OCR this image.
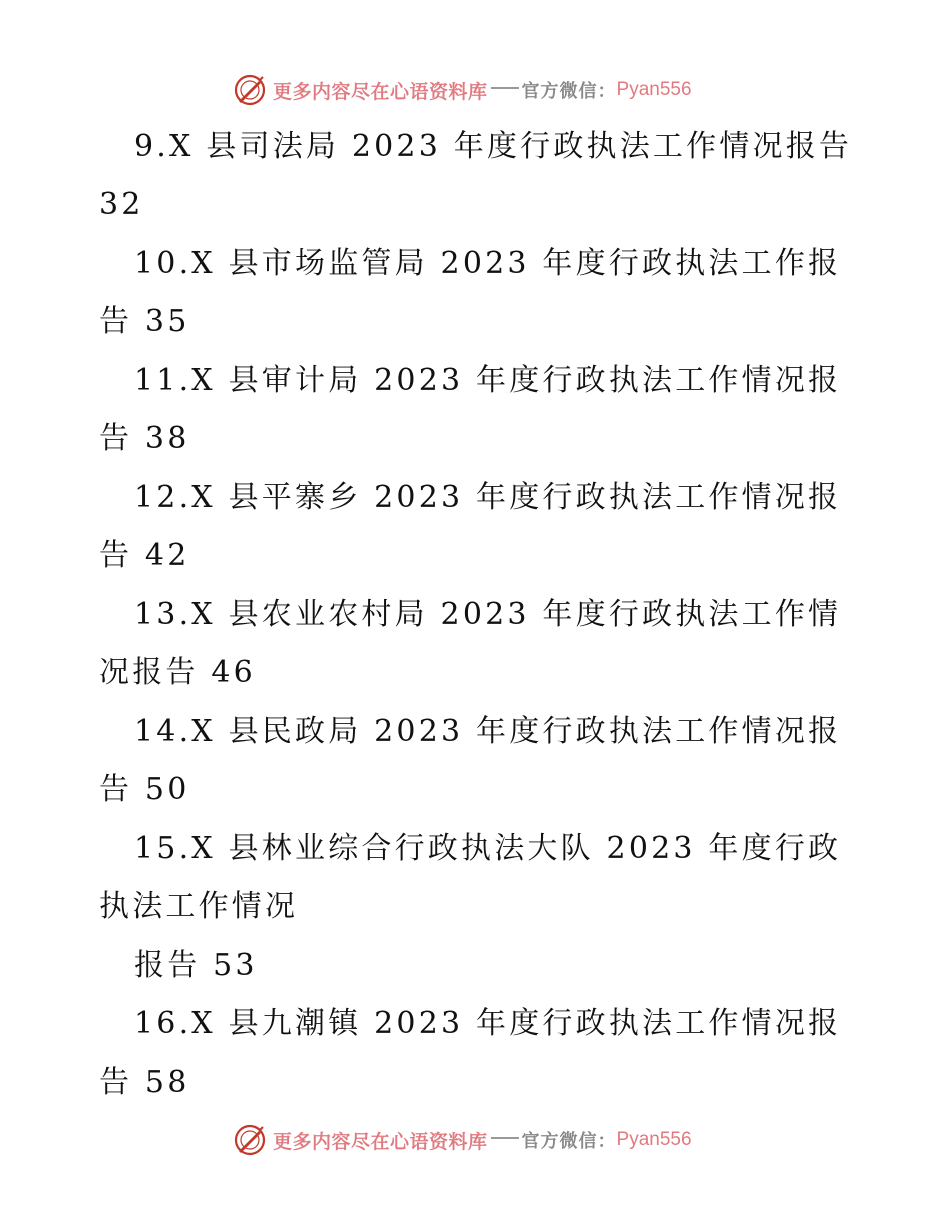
更多内容尽在心语资料库 官方微信： Pyan556
9.X 县司法局 2023 年度行政执法工作情况报告
32
10.X 县市场监管局 2023 年度行政执法工作报
告 35
11.X 县审计局 2023 年度行政执法工作情况报
告 38
12.X 县平寨乡 2023 年度行政执法工作情况报
告 42
13.X 县农业农村局 2023 年度行政执法工作情
况报告 46
14.X 县民政局 2023 年度行政执法工作情况报
告 50
15.X 县林业综合行政执法大队 2023 年度行政
执法工作情况
报告 53
16.X 县九潮镇 2023 年度行政执法工作情况报
告 58
更多内容尽在心语资料库 官方微信： Pyan556
